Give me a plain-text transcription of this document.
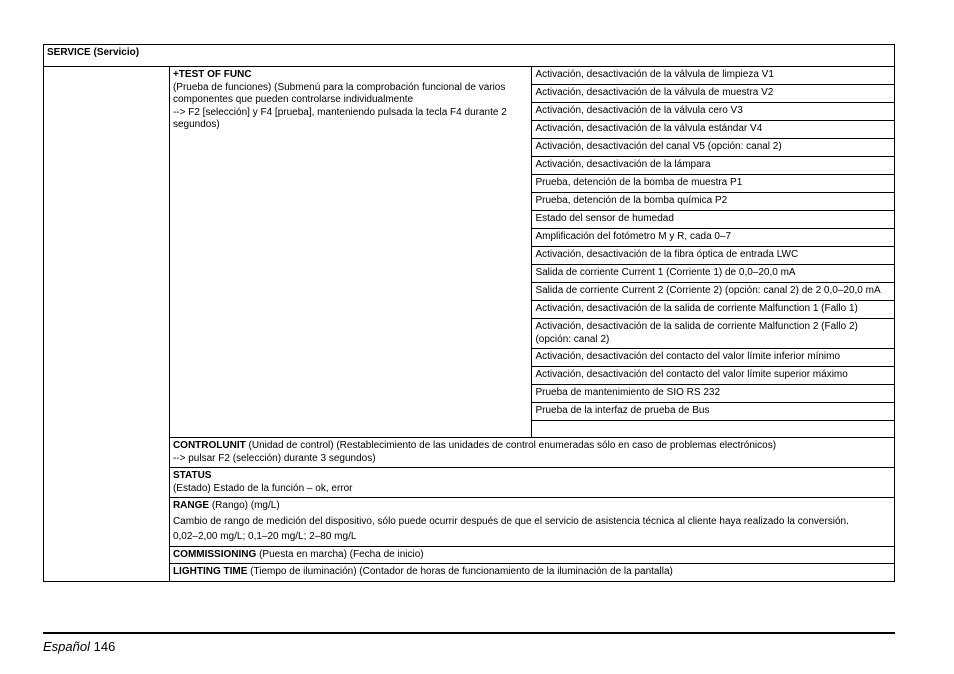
SERVICE (Servicio)
	+TEST OF FUNC
(Prueba de funciones) (Submenú para la comprobación funcional de varios componentes que pueden controlarse individualmente
--> F2 [selección] y F4 [prueba], manteniendo pulsada la tecla F4 durante 2 segundos)	Activación, desactivación de la válvula de limpieza V1
Activación, desactivación de la válvula de muestra V2
Activación, desactivación de la válvula cero V3
Activación, desactivación de la válvula estándar V4
Activación, desactivación del canal V5 (opción: canal 2)
Activación, desactivación de la lámpara
Prueba, detención de la bomba de muestra P1
Prueba, detención de la bomba química P2
Estado del sensor de humedad
Amplificación del fotómetro M y R, cada 0–7
Activación, desactivación de la fibra óptica de entrada LWC
Salida de corriente Current 1 (Corriente 1) de 0,0–20,0 mA
Salida de corriente Current 2 (Corriente 2) (opción: canal 2) de 2 0,0–20,0 mA
Activación, desactivación de la salida de corriente Malfunction 1 (Fallo 1)
Activación, desactivación de la salida de corriente Malfunction 2 (Fallo 2) (opción: canal 2)
Activación, desactivación del contacto del valor límite inferior mínimo
Activación, desactivación del contacto del valor límite superior máximo
Prueba de mantenimiento de SIO RS 232
Prueba de la interfaz de prueba de Bus

CONTROLUNIT (Unidad de control) (Restablecimiento de las unidades de control enumeradas sólo en caso de problemas electrónicos)
--> pulsar F2 (selección) durante 3 segundos)
STATUS
(Estado) Estado de la función – ok, error
RANGE (Rango) (mg/L)
Cambio de rango de medición del dispositivo, sólo puede ocurrir después de que el servicio de asistencia técnica al cliente haya realizado la conversión.
0,02–2,00 mg/L; 0,1–20 mg/L; 2–80 mg/L

COMMISSIONING (Puesta en marcha) (Fecha de inicio)
LIGHTING TIME (Tiempo de iluminación) (Contador de horas de funcionamiento de la iluminación de la pantalla)
Español 146
